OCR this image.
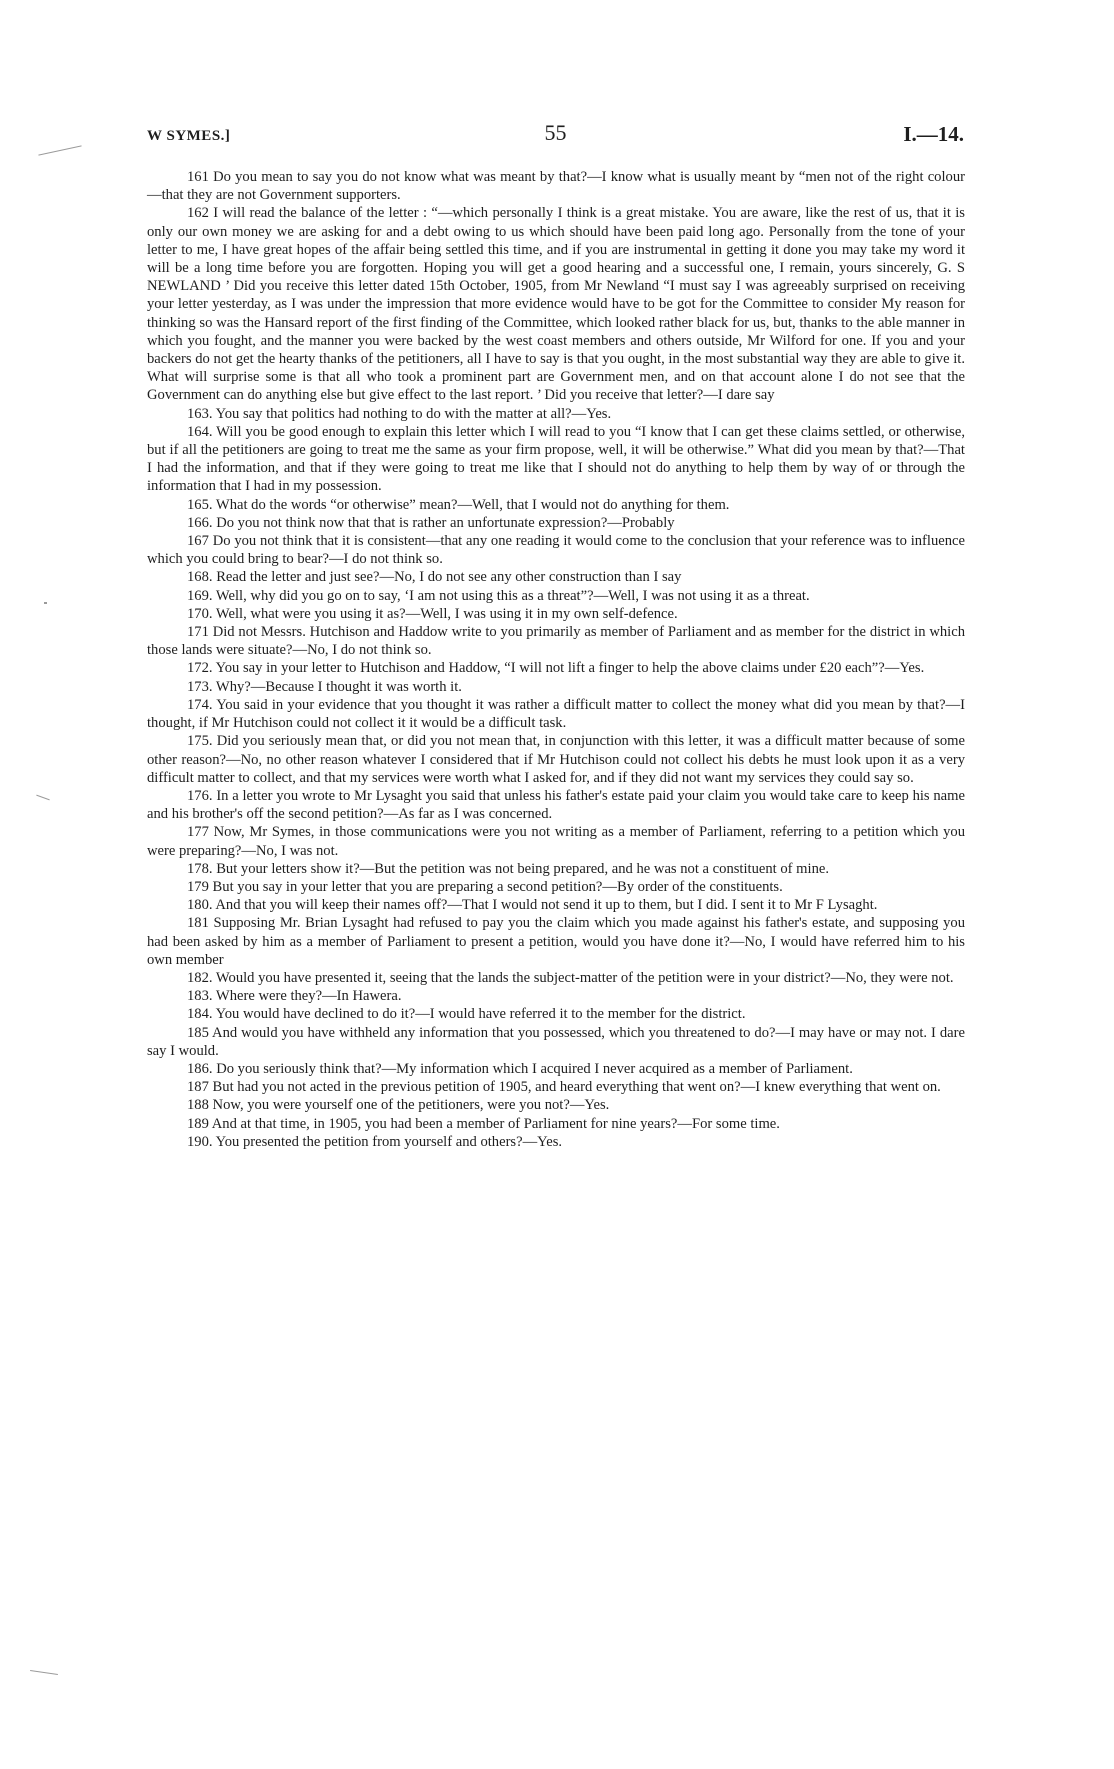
W SYMES.]	55	I.—14.

161 Do you mean to say you do not know what was meant by that?—I know what is usually meant by “men not of the right colour —that they are not Government supporters.

162 I will read the balance of the letter : “—which personally I think is a great mistake. You are aware, like the rest of us, that it is only our own money we are asking for and a debt owing to us which should have been paid long ago. Personally from the tone of your letter to me, I have great hopes of the affair being settled this time, and if you are instrumental in getting it done you may take my word it will be a long time before you are forgotten. Hoping you will get a good hearing and a successful one, I remain, yours sincerely, G. S NEWLAND ’ Did you receive this letter dated 15th October, 1905, from Mr Newland “I must say I was agreeably surprised on receiving your letter yesterday, as I was under the impression that more evidence would have to be got for the Committee to consider My reason for thinking so was the Hansard report of the first finding of the Committee, which looked rather black for us, but, thanks to the able manner in which you fought, and the manner you were backed by the west coast members and others outside, Mr Wilford for one. If you and your backers do not get the hearty thanks of the petitioners, all I have to say is that you ought, in the most substantial way they are able to give it. What will surprise some is that all who took a prominent part are Government men, and on that account alone I do not see that the Government can do anything else but give effect to the last report. ’ Did you receive that letter?—I dare say

163. You say that politics had nothing to do with the matter at all?—Yes.

164. Will you be good enough to explain this letter which I will read to you “I know that I can get these claims settled, or otherwise, but if all the petitioners are going to treat me the same as your firm propose, well, it will be otherwise.” What did you mean by that?—That I had the information, and that if they were going to treat me like that I should not do anything to help them by way of or through the information that I had in my possession.

165. What do the words “or otherwise” mean?—Well, that I would not do anything for them.

166. Do you not think now that that is rather an unfortunate expression?—Probably

167 Do you not think that it is consistent—that any one reading it would come to the conclusion that your reference was to influence which you could bring to bear?—I do not think so.

168. Read the letter and just see?—No, I do not see any other construction than I say

169. Well, why did you go on to say, ‘I am not using this as a threat”?—Well, I was not using it as a threat.

170. Well, what were you using it as?—Well, I was using it in my own self-defence.

171 Did not Messrs. Hutchison and Haddow write to you primarily as member of Parliament and as member for the district in which those lands were situate?—No, I do not think so.

172. You say in your letter to Hutchison and Haddow, “I will not lift a finger to help the above claims under £20 each”?—Yes.

173. Why?—Because I thought it was worth it.

174. You said in your evidence that you thought it was rather a difficult matter to collect the money what did you mean by that?—I thought, if Mr Hutchison could not collect it it would be a difficult task.

175. Did you seriously mean that, or did you not mean that, in conjunction with this letter, it was a difficult matter because of some other reason?—No, no other reason whatever I considered that if Mr Hutchison could not collect his debts he must look upon it as a very difficult matter to collect, and that my services were worth what I asked for, and if they did not want my services they could say so.

176. In a letter you wrote to Mr Lysaght you said that unless his father's estate paid your claim you would take care to keep his name and his brother's off the second petition?—As far as I was concerned.

177 Now, Mr Symes, in those communications were you not writing as a member of Parliament, referring to a petition which you were preparing?—No, I was not.

178. But your letters show it?—But the petition was not being prepared, and he was not a constituent of mine.

179 But you say in your letter that you are preparing a second petition?—By order of the constituents.

180. And that you will keep their names off?—That I would not send it up to them, but I did. I sent it to Mr F Lysaght.

181 Supposing Mr. Brian Lysaght had refused to pay you the claim which you made against his father's estate, and supposing you had been asked by him as a member of Parliament to present a petition, would you have done it?—No, I would have referred him to his own member

182. Would you have presented it, seeing that the lands the subject-matter of the petition were in your district?—No, they were not.

183. Where were they?—In Hawera.

184. You would have declined to do it?—I would have referred it to the member for the district.

185 And would you have withheld any information that you possessed, which you threatened to do?—I may have or may not. I dare say I would.

186. Do you seriously think that?—My information which I acquired I never acquired as a member of Parliament.

187 But had you not acted in the previous petition of 1905, and heard everything that went on?—I knew everything that went on.

188 Now, you were yourself one of the petitioners, were you not?—Yes.

189 And at that time, in 1905, you had been a member of Parliament for nine years?—For some time.

190. You presented the petition from yourself and others?—Yes.
